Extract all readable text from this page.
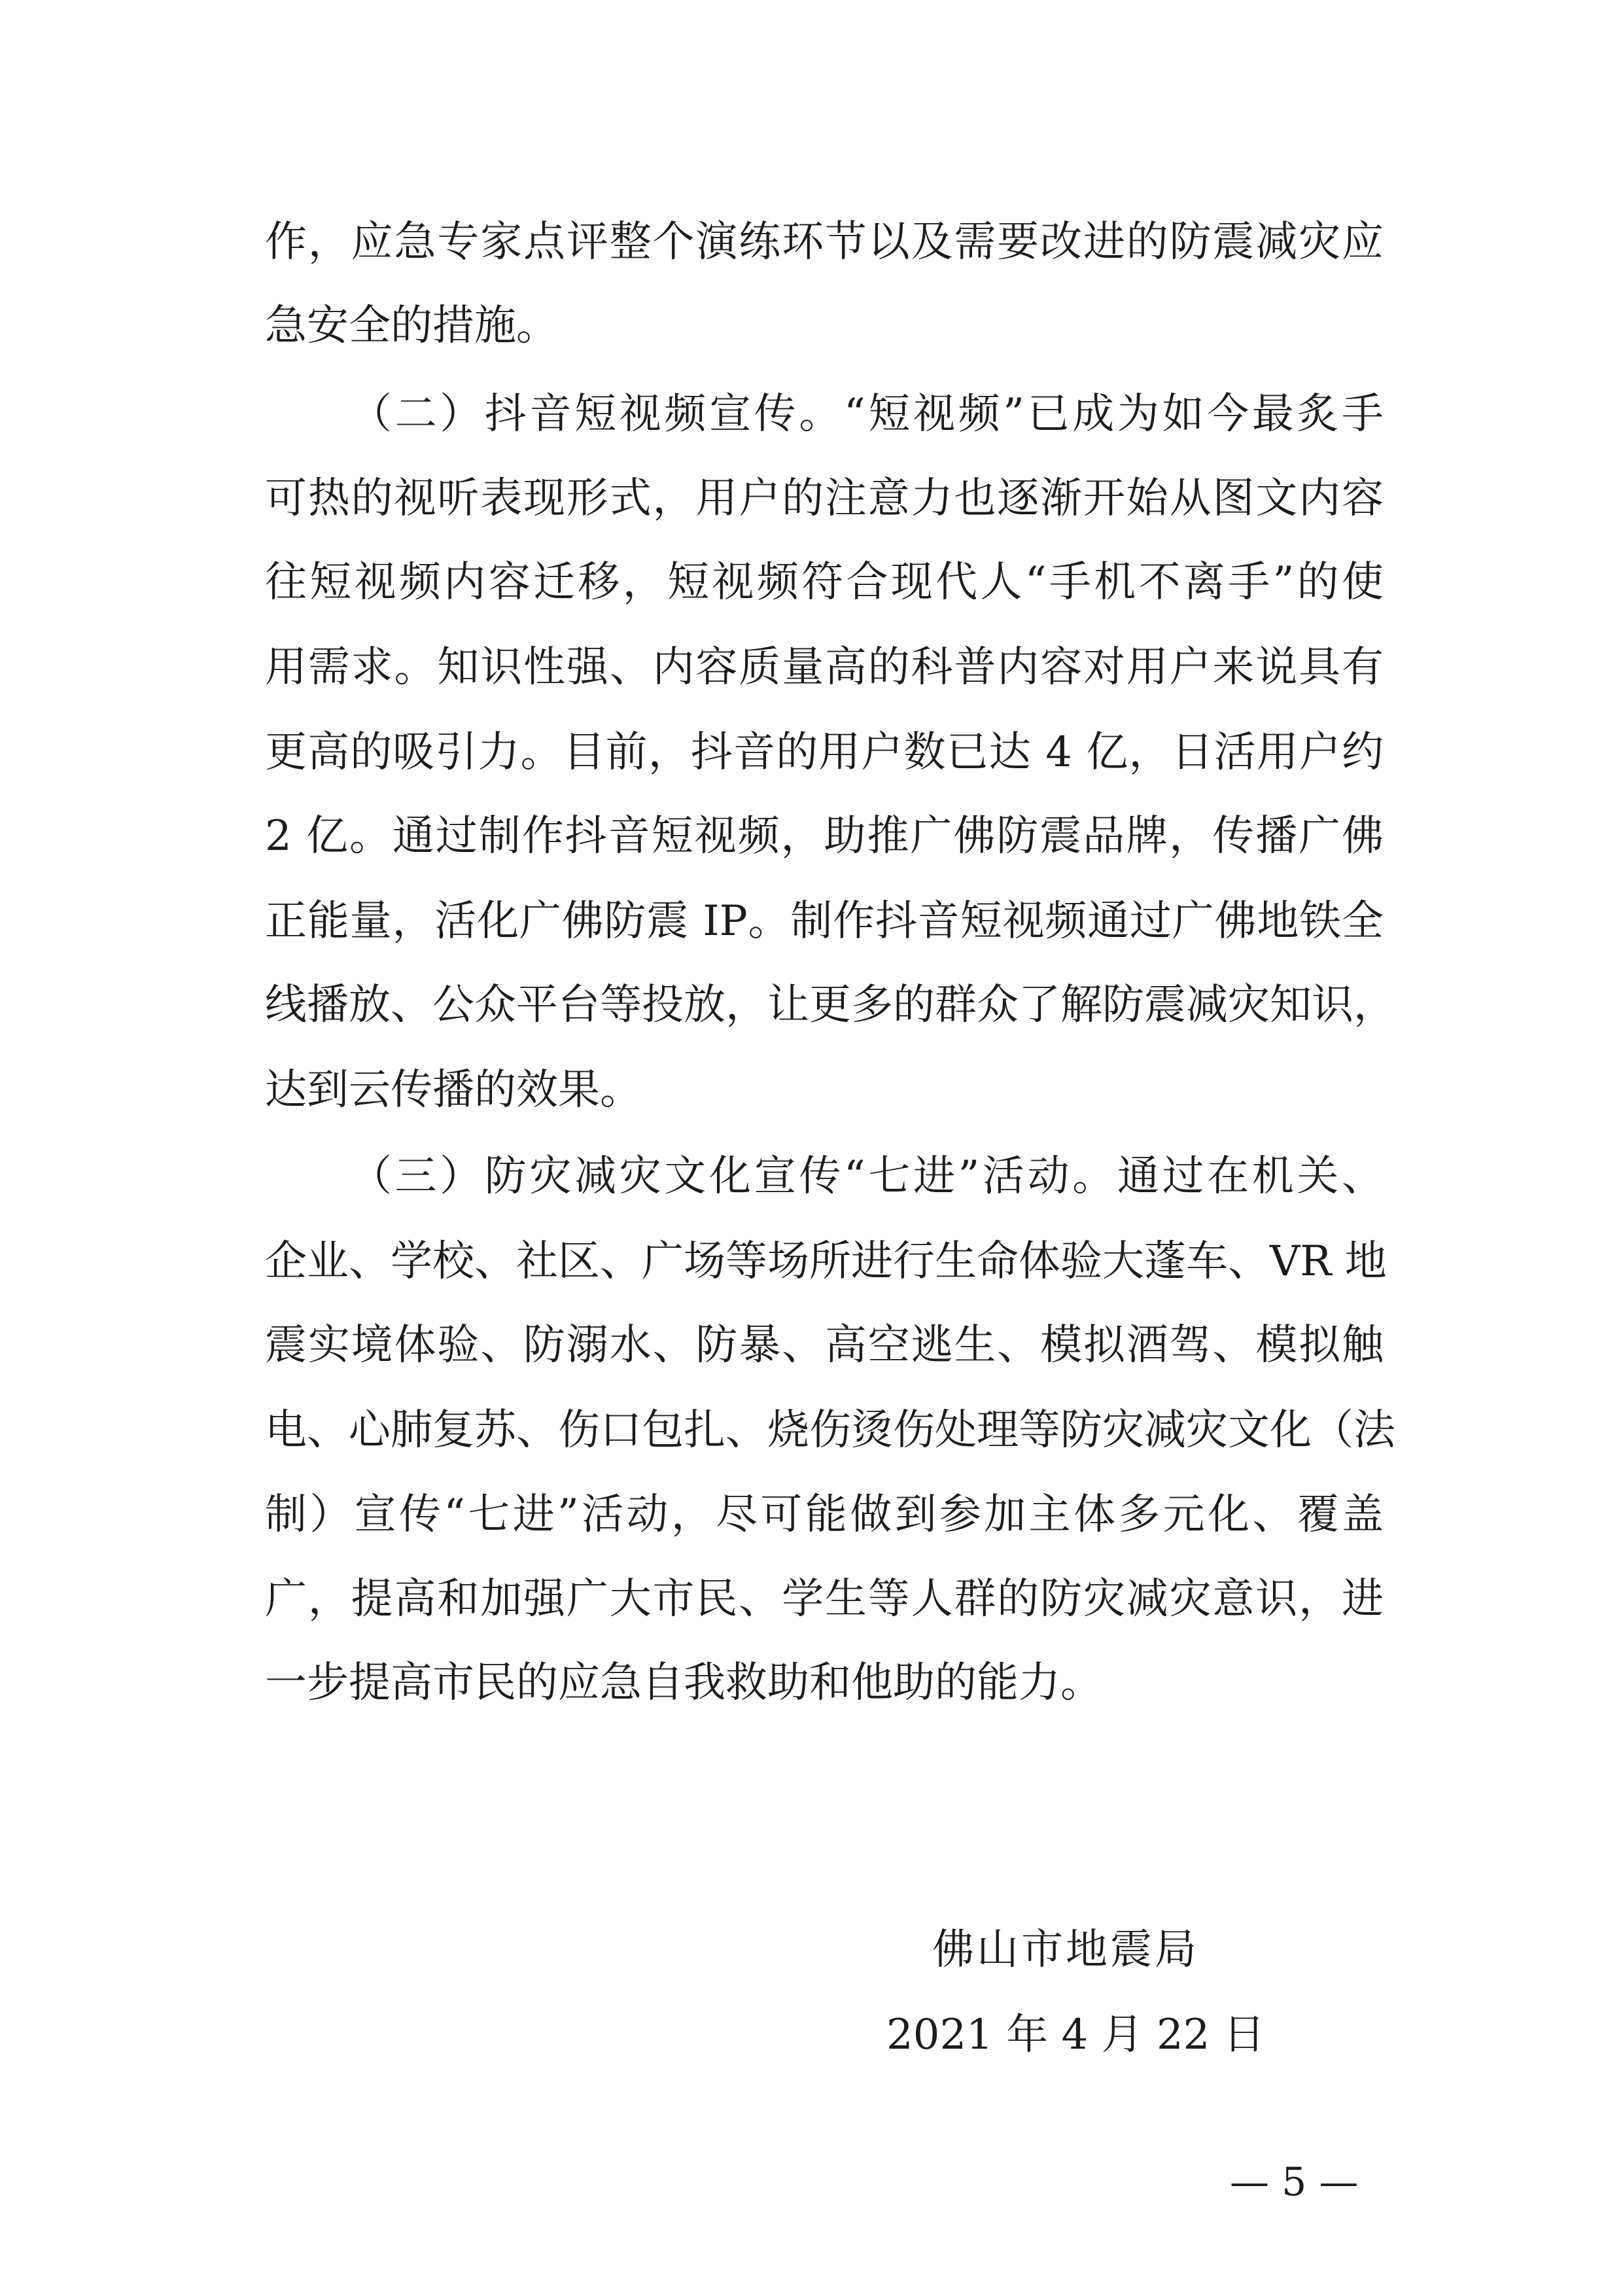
作，应急专家点评整个演练环节以及需要改进的防震减灾应
急安全的措施。
（二）抖音短视频宣传。“短视频”已成为如今最炙手
可热的视听表现形式，用户的注意力也逐渐开始从图文内容
往短视频内容迁移，短视频符合现代人“手机不离手”的使
用需求。知识性强、内容质量高的科普内容对用户来说具有
更高的吸引力。目前，抖音的用户数已达 4 亿，日活用户约
2 亿。通过制作抖音短视频，助推广佛防震品牌，传播广佛
正能量，活化广佛防震 IP。制作抖音短视频通过广佛地铁全
线播放、公众平台等投放，让更多的群众了解防震减灾知识，
达到云传播的效果。
（三）防灾减灾文化宣传“七进”活动。通过在机关、
企业、学校、社区、广场等场所进行生命体验大蓬车、VR 地
震实境体验、防溺水、防暴、高空逃生、模拟酒驾、模拟触
电、心肺复苏、伤口包扎、烧伤烫伤处理等防灾减灾文化（法
制）宣传“七进”活动，尽可能做到参加主体多元化、覆盖
广，提高和加强广大市民、学生等人群的防灾减灾意识，进
一步提高市民的应急自我救助和他助的能力。
佛山市地震局
2021 年 4 月 22 日
— 5 —
